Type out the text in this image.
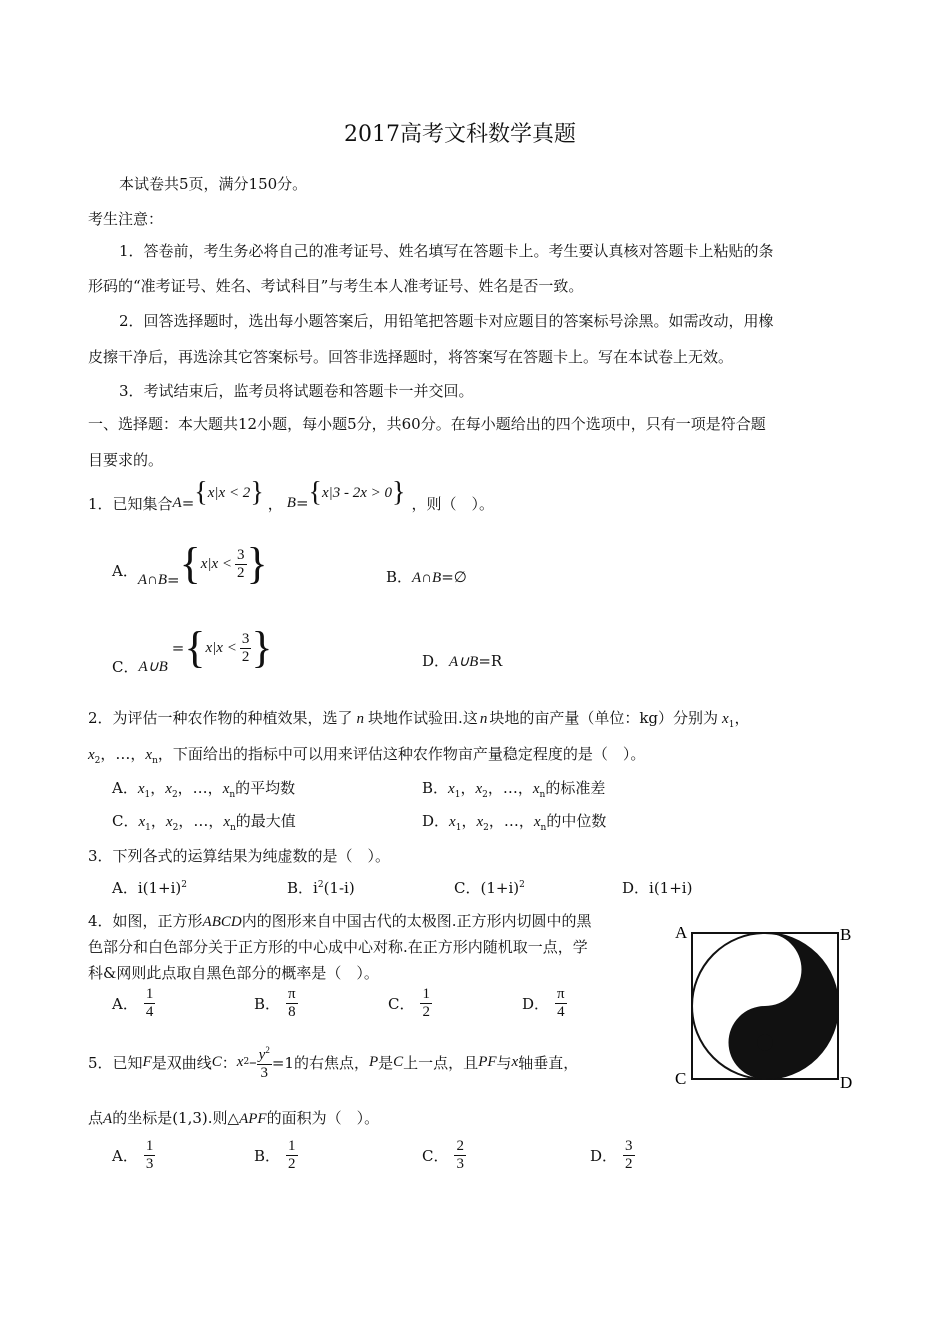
2017高考文科数学真题
本试卷共5页，满分150分。
考生注意：
1．答卷前，考生务必将自己的准考证号、姓名填写在答题卡上。考生要认真核对答题卡上粘贴的条
形码的“准考证号、姓名、考试科目”与考生本人准考证号、姓名是否一致。
2．回答选择题时，选出每小题答案后，用铅笔把答题卡对应题目的答案标号涂黑。如需改动，用橡
皮擦干净后，再选涂其它答案标号。回答非选择题时，将答案写在答题卡上。写在本试卷上无效。
3．考试结束后，监考员将试题卷和答题卡一并交回。
一、选择题：本大题共12小题，每小题5分，共60分。在每小题给出的四个选项中，只有一项是符合题
目要求的。
1．已知集合 A = { x|x < 2 } ， B = { x|3 - 2x > 0 } ，则（　）。
A． A∩B = { $x|x < \frac{3}{2}$ }	B．A∩B=∅
C． A∪B
= { $x|x < \frac{3}{2}$ }	D．A∪B=R
2．为评估一种农作物的种植效果，选了 n 块地作试验田.这 n 块地的亩产量（单位：kg）分别为 $x_1$，
$x_2$，…，$x_n$，下面给出的指标中可以用来评估这种农作物亩产量稳定程度的是（　）。
A．$x_1$，$x_2$，…，$x_n$的平均数	B．$x_1$，$x_2$，…，$x_n$的标准差
C．$x_1$，$x_2$，…，$x_n$的最大值	D．$x_1$，$x_2$，…，$x_n$的中位数
3．下列各式的运算结果为纯虚数的是（　）。
A．$i(1+i)^2$	B．$i^2(1-i)$	C．$(1+i)^2$	D．i(1+i)
4．如图，正方形ABCD内的图形来自中国古代的太极图.正方形内切圆中的黑
色部分和白色部分关于正方形的中心成中心对称.在正方形内随机取一点，学
科&网则此点取自黑色部分的概率是（　）。
A． $\frac{1}{4}$	B． $\frac{\pi}{8}$	C． $\frac{1}{2}$	D． $\frac{\pi}{4}$
A	B
C	D
5．已知 F 是双曲线 C ： x $2 - \frac{y^2}{3} =1$的右焦点， P 是 C 上一点，且 PF 与 x 轴垂直，
点A的坐标是(1,3).则△APF的面积为（　）。
A． $\frac{1}{3}$	B． $\frac{1}{2}$	C． $\frac{2}{3}$	D． $\frac{3}{2}$
